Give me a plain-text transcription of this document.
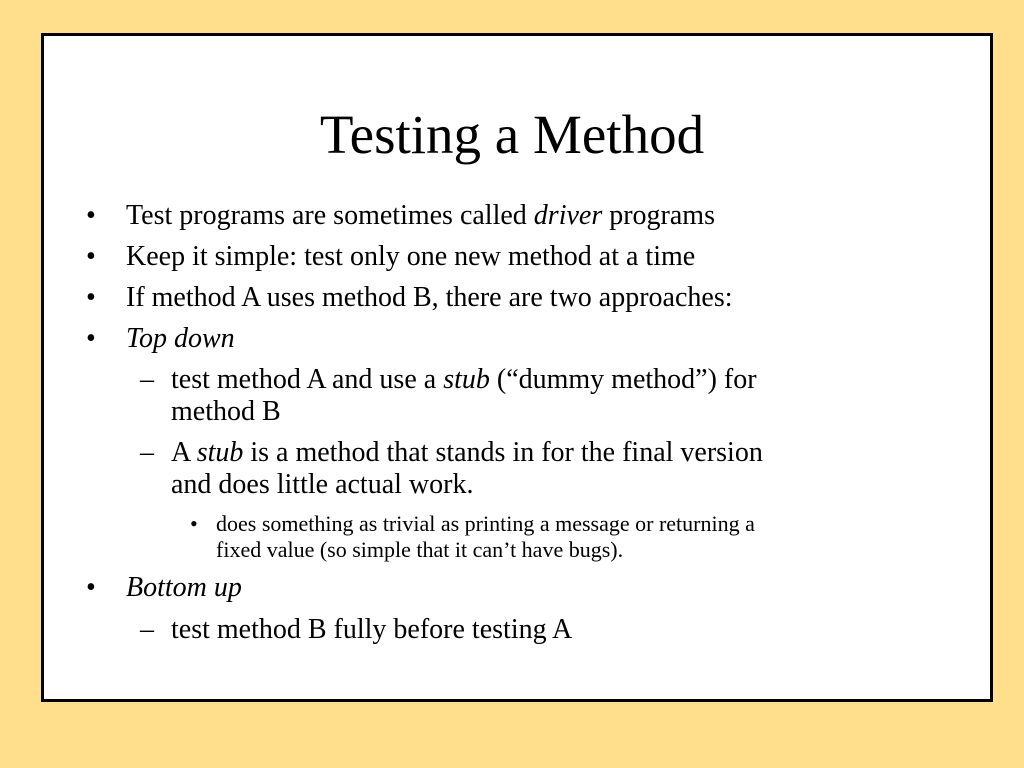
Testing a Method
• Test programs are sometimes called driver programs
• Keep it simple: test only one new method at a time
• If method A uses method B, there are two approaches:
• Top down
– test method A and use a stub (“dummy method”) for
method B
– A stub is a method that stands in for the final version
and does little actual work.
• does something as trivial as printing a message or returning a
fixed value (so simple that it can’t have bugs).
• Bottom up
– test method B fully before testing A
